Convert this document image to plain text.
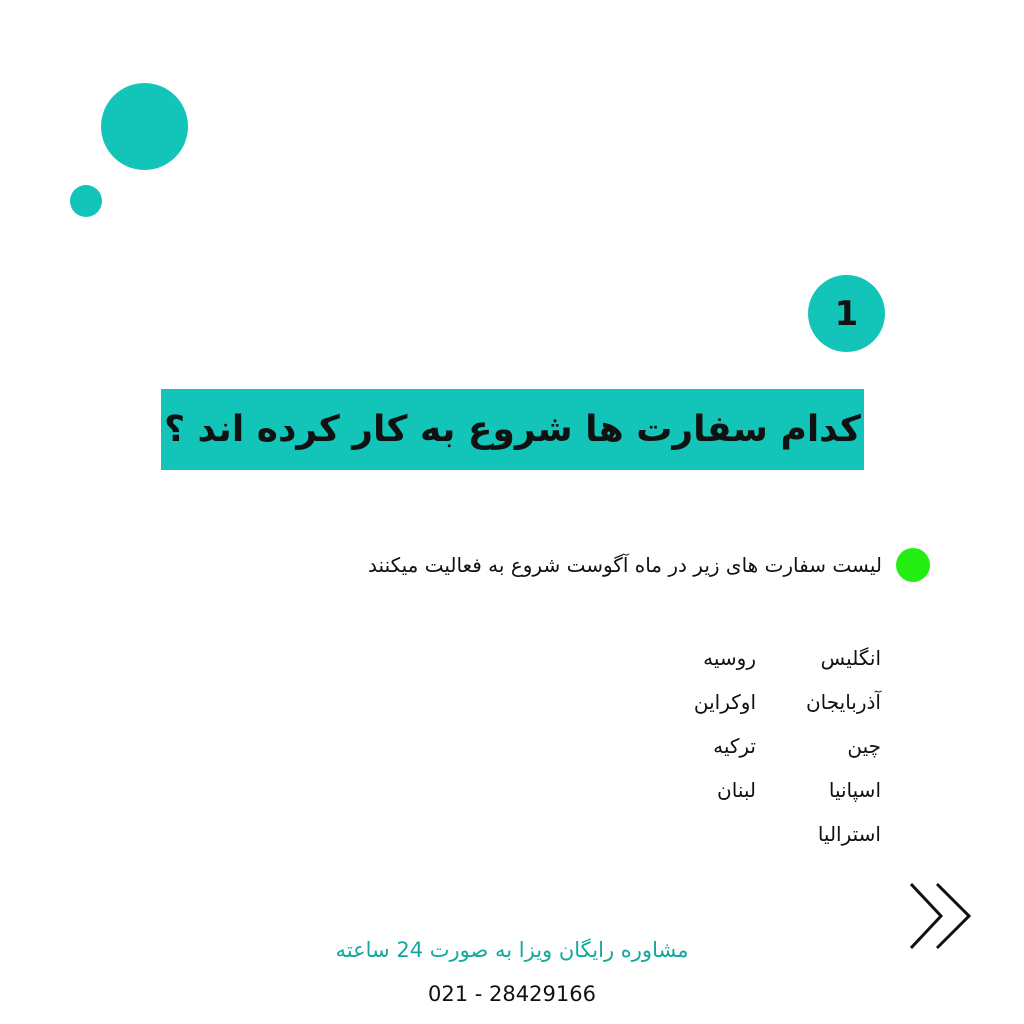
1
کدام سفارت ها شروع به کار کرده اند ؟
لیست سفارت های زیر در ماه آگوست شروع به فعالیت میکنند
انگلیس
روسیه
آذربایجان
اوکراین
چین
ترکیه
اسپانیا
لبنان
استرالیا
مشاوره رایگان ویزا به صورت 24 ساعته
021 - 28429166
